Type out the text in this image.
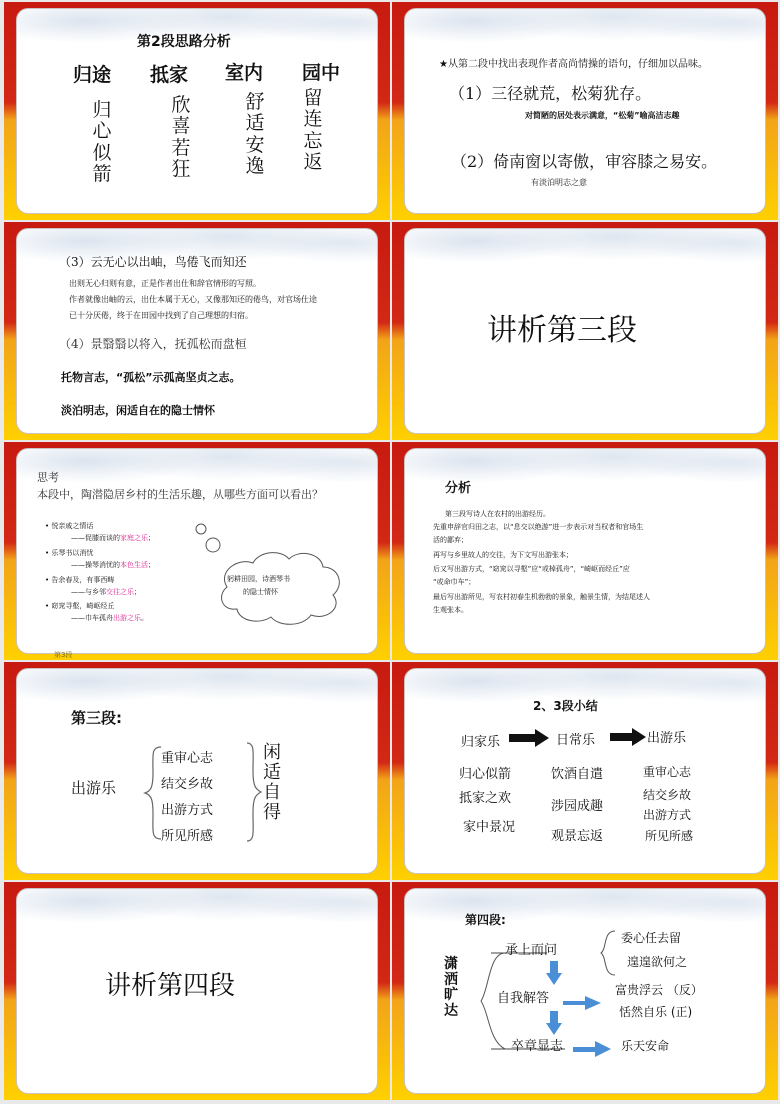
第2段思路分析
归途 抵家 室内 园中
归心似箭
欣喜若狂
舒适安逸
留连忘返
★从第二段中找出表现作者高尚情操的语句，仔细加以品味。
（1）三径就荒，松菊犹存。
对简陋的居处表示满意，“松菊”喻高洁志趣
（2）倚南窗以寄傲，审容膝之易安。
有淡泊明志之意
（3）云无心以出岫，鸟倦飞而知还
出则无心归则有意，正是作者出仕和辞官情形的写照。
作者就像出岫的云，出仕本属于无心，又像那知还的倦鸟，对官场仕途
已十分厌倦，终于在田园中找到了自己理想的归宿。
（4）景翳翳以将入，抚孤松而盘桓
托物言志，“孤松”示孤高坚贞之志。
淡泊明志，闲适自在的隐士情怀
讲析第三段
思考
本段中，陶潜隐居乡村的生活乐趣，从哪些方面可以看出？
• 悦亲戚之情话
——促膝而谈的家庭之乐；
• 乐琴书以消忧
——操琴消忧的本色生活；
• 告余春及，有事西畴
——与乡邻交往之乐；
• 窈窕寻壑，崎岖经丘
——巾车孤舟出游之乐。
躬耕田园，诗酒琴书
的隐士情怀
第3段
分析
第三段写诗人在农村的出游经历。
先重申辞官归田之志，以“息交以绝游”进一步表示对当权者和官场生
活的鄙弃；
再写与乡里故人的交往，为下文写出游张本；
后又写出游方式，“窈窕以寻壑”应“或棹孤舟”，“崎岖而经丘”应
“或命巾车”；
最后写出游所见，写农村初春生机勃勃的景象，触景生情，为结尾述人
生观张本。
第三段:
出游乐
重审心志
结交乡故
出游方式
所见所感
闲适自得
2、3段小结
归家乐	日常乐	出游乐
归心似箭
抵家之欢
家中景况
饮酒自遣
涉园成趣
观景忘返
重审心志
结交乡故
出游方式
所见所感
讲析第四段
第四段:
潇洒旷达
承上而问
自我解答
卒章显志
委心任去留
遑遑欲何之
富贵浮云 （反）
恬然自乐 (正)
乐天安命
